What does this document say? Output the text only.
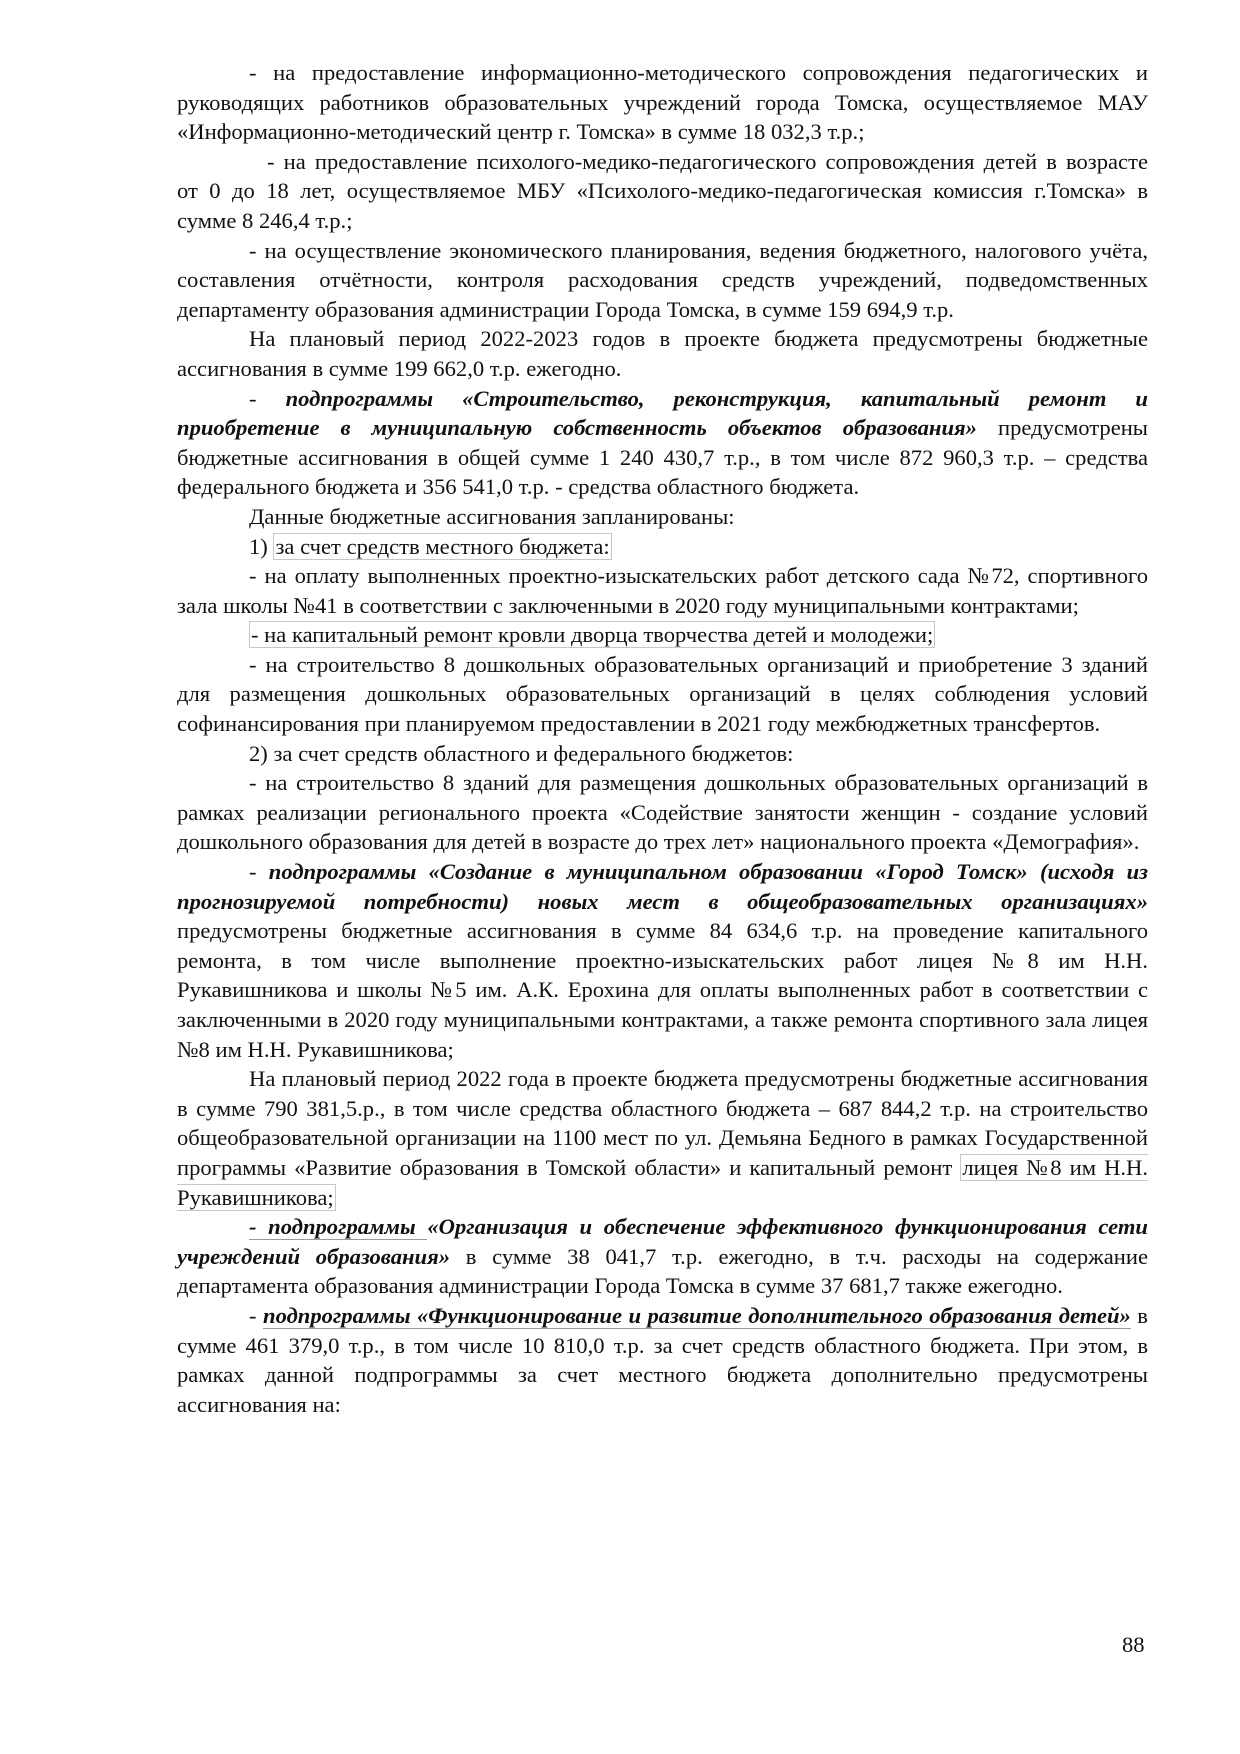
- на предоставление информационно-методического сопровождения педагогических и руководящих работников образовательных учреждений города Томска, осуществляемое МАУ «Информационно-методический центр г. Томска» в сумме 18 032,3 т.р.;

- на предоставление психолого-медико-педагогического сопровождения детей в возрасте от 0 до 18 лет, осуществляемое МБУ «Психолого-медико-педагогическая комиссия г.Томска» в сумме 8 246,4 т.р.;

- на осуществление экономического планирования, ведения бюджетного, налогового учёта, составления отчётности, контроля расходования средств учреждений, подведомственных департаменту образования администрации Города Томска, в сумме 159 694,9 т.р.

На плановый период 2022-2023 годов в проекте бюджета предусмотрены бюджетные ассигнования в сумме 199 662,0 т.р. ежегодно.

- подпрограммы «Строительство, реконструкция, капитальный ремонт и приобретение в муниципальную собственность объектов образования» предусмотрены бюджетные ассигнования в общей сумме 1 240 430,7 т.р., в том числе 872 960,3 т.р. – средства федерального бюджета и 356 541,0 т.р. - средства областного бюджета.

Данные бюджетные ассигнования запланированы:

1) за счет средств местного бюджета:

- на оплату выполненных проектно-изыскательских работ детского сада №72, спортивного зала школы №41 в соответствии с заключенными в 2020 году муниципальными контрактами;

- на капитальный ремонт кровли дворца творчества детей и молодежи;

- на строительство 8 дошкольных образовательных организаций и приобретение 3 зданий для размещения дошкольных образовательных организаций в целях соблюдения условий софинансирования при планируемом предоставлении в 2021 году межбюджетных трансфертов.

2) за счет средств областного и федерального бюджетов:

- на строительство 8 зданий для размещения дошкольных образовательных организаций в рамках реализации регионального проекта «Содействие занятости женщин - создание условий дошкольного образования для детей в возрасте до трех лет» национального проекта «Демография».

- подпрограммы «Создание в муниципальном образовании «Город Томск» (исходя из прогнозируемой потребности) новых мест в общеобразовательных организациях» предусмотрены бюджетные ассигнования в сумме 84 634,6 т.р. на проведение капитального ремонта, в том числе выполнение проектно-изыскательских работ лицея №8 им Н.Н. Рукавишникова и школы №5 им. А.К. Ерохина для оплаты выполненных работ в соответствии с заключенными в 2020 году муниципальными контрактами, а также ремонта спортивного зала лицея №8 им Н.Н. Рукавишникова;

На плановый период 2022 года в проекте бюджета предусмотрены бюджетные ассигнования в сумме 790 381,5.р., в том числе средства областного бюджета – 687 844,2 т.р. на строительство общеобразовательной организации на 1100 мест по ул. Демьяна Бедного в рамках Государственной программы «Развитие образования в Томской области» и капитальный ремонт лицея №8 им Н.Н. Рукавишникова;

- подпрограммы «Организация и обеспечение эффективного функционирования сети учреждений образования» в сумме 38 041,7 т.р. ежегодно, в т.ч. расходы на содержание департамента образования администрации Города Томска в сумме 37 681,7 также ежегодно.

- подпрограммы «Функционирование и развитие дополнительного образования детей» в сумме 461 379,0 т.р., в том числе 10 810,0 т.р. за счет средств областного бюджета. При этом, в рамках данной подпрограммы за счет местного бюджета дополнительно предусмотрены ассигнования на:

88
